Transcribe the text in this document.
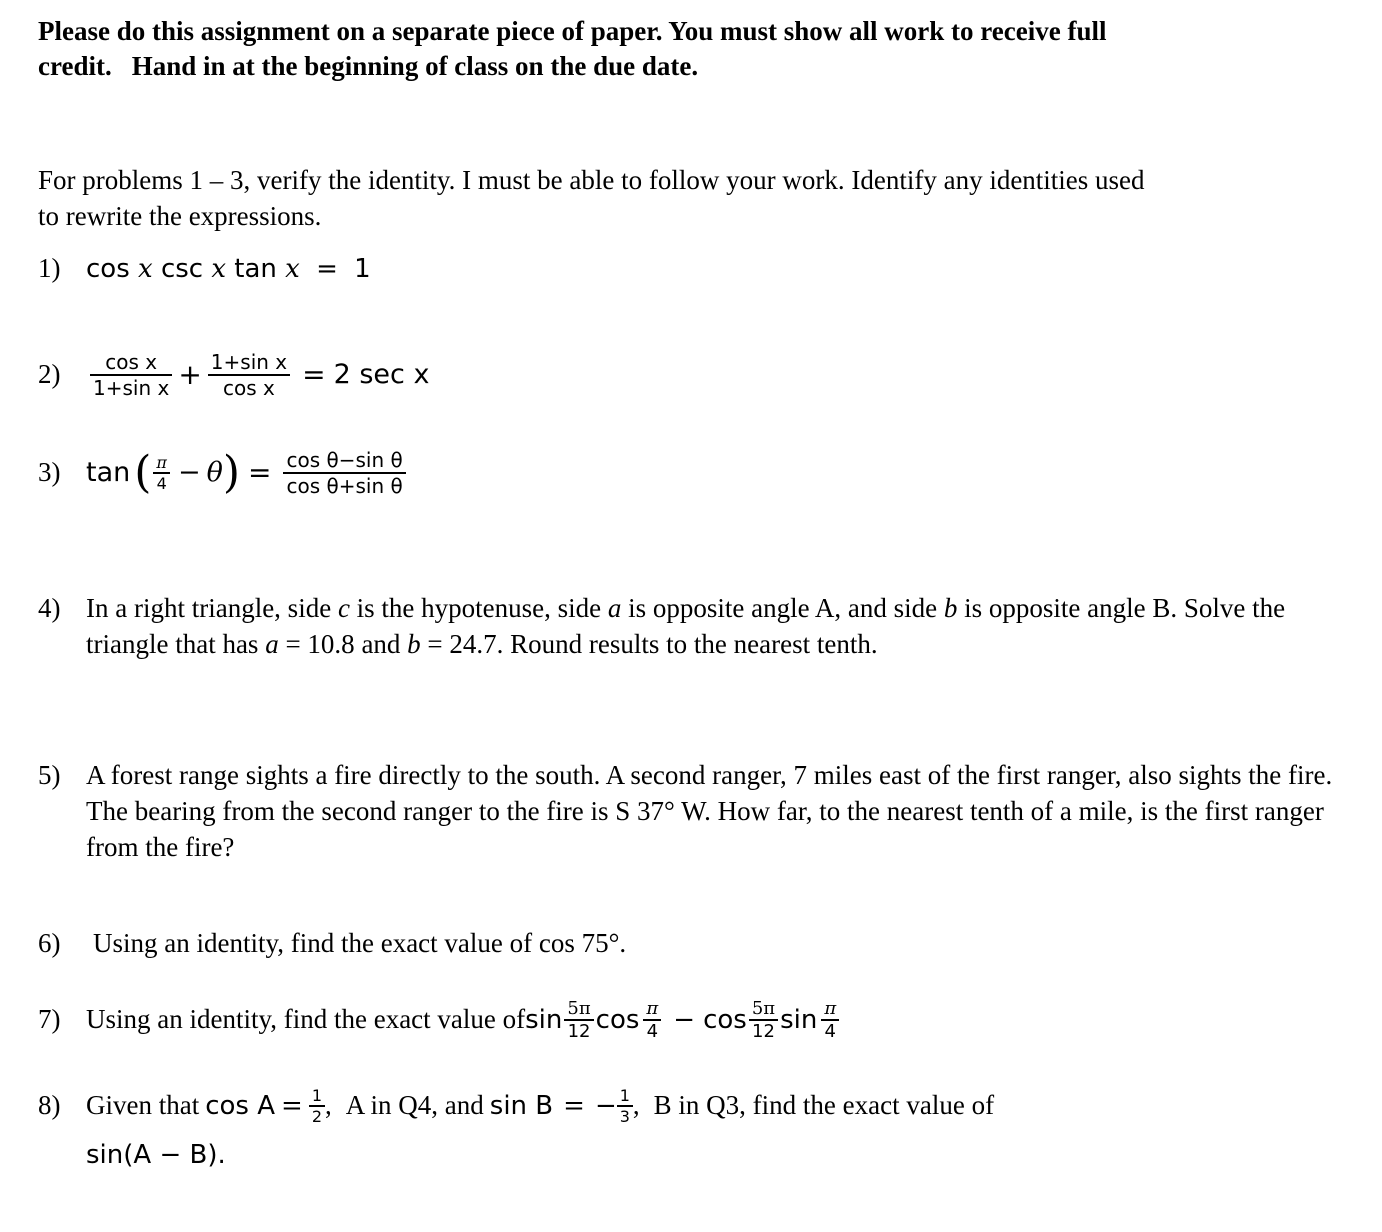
Please do this assignment on a separate piece of paper. You must show all work to receive full
credit. Hand in at the beginning of class on the due date.
For problems 1 – 3, verify the identity. I must be able to follow your work. Identify any identities used
to rewrite the expressions.
1) cos x csc x tan x = 1
2)	$\frac{\text{cos x}}{\text{1+sin x}} + \frac{\text{1+sin x}}{\text{cos x}} = 2$ sec x
3) tan ( $\frac{\pi}{4} - \theta$ ) = $\frac{\text{cos θ−sin θ}}{\text{cos θ+sin θ}}$
4) In a right triangle, side c is the hypotenuse, side a is opposite angle A, and side b is opposite angle B. Solve the triangle that has a = 10.8 and b = 24.7. Round results to the nearest tenth.
5) A forest range sights a fire directly to the south. A second ranger, 7 miles east of the first ranger, also sights the fire. The bearing from the second ranger to the fire is S 37° W. How far, to the nearest tenth of a mile, is the first ranger from the fire?
6)	Using an identity, find the exact value of cos 75°.
7) Using an identity, find the exact value of $\sin \frac{5\pi}{12}$ $\cos \frac{\pi}{4} - \cos \frac{5\pi}{12}$ $\sin \frac{\pi}{4}$
8) Given that $\cos A = \frac{1}{2}$ , A in Q4, and sin B = − $\frac{1}{3}$ , B in Q3, find the exact value of
sin(A − B).
